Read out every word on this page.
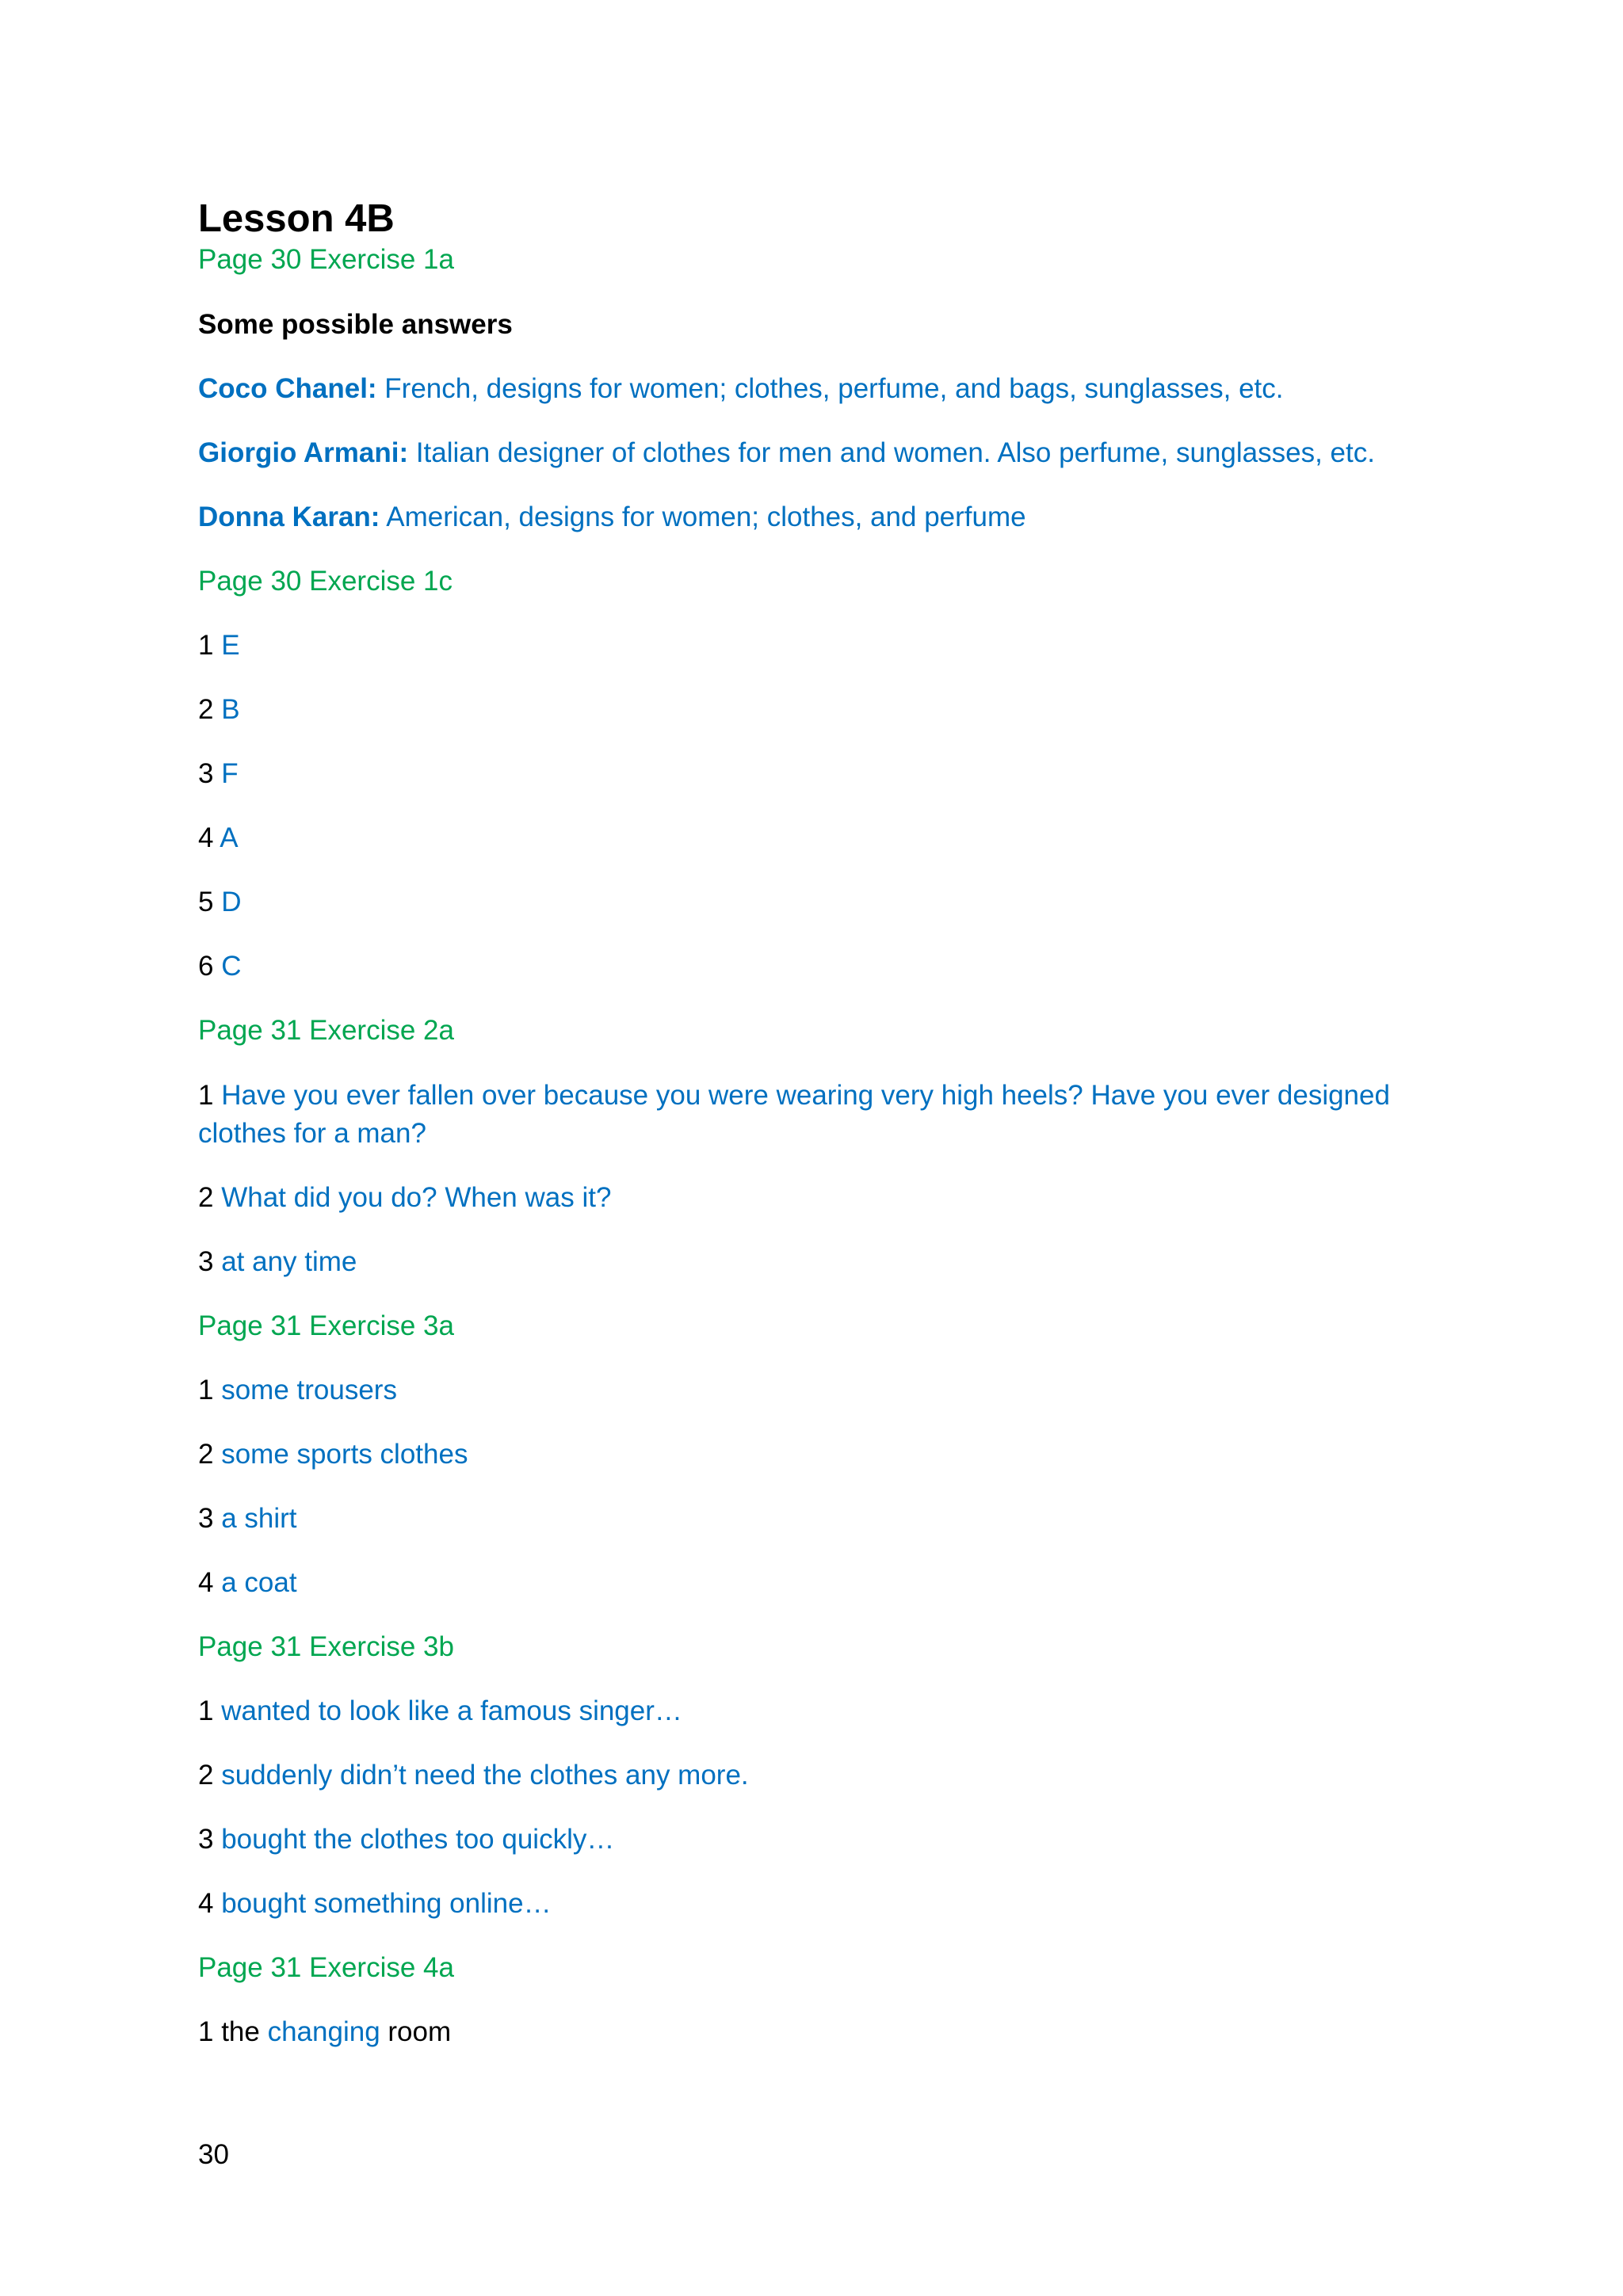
Lesson 4B
Page 30 Exercise 1a
Some possible answers
Coco Chanel: French, designs for women; clothes, perfume, and bags, sunglasses, etc.
Giorgio Armani: Italian designer of clothes for men and women. Also perfume, sunglasses, etc.
Donna Karan: American, designs for women; clothes, and perfume
Page 30 Exercise 1c
1 E
2 B
3 F
4 A
5 D
6 C
Page 31 Exercise 2a
1 Have you ever fallen over because you were wearing very high heels? Have you ever designed
clothes for a man?
2 What did you do? When was it?
3 at any time
Page 31 Exercise 3a
1 some trousers
2 some sports clothes
3 a shirt
4 a coat
Page 31 Exercise 3b
1 wanted to look like a famous singer…
2 suddenly didn’t need the clothes any more.
3 bought the clothes too quickly…
4 bought something online…
Page 31 Exercise 4a
1 the changing room
30
